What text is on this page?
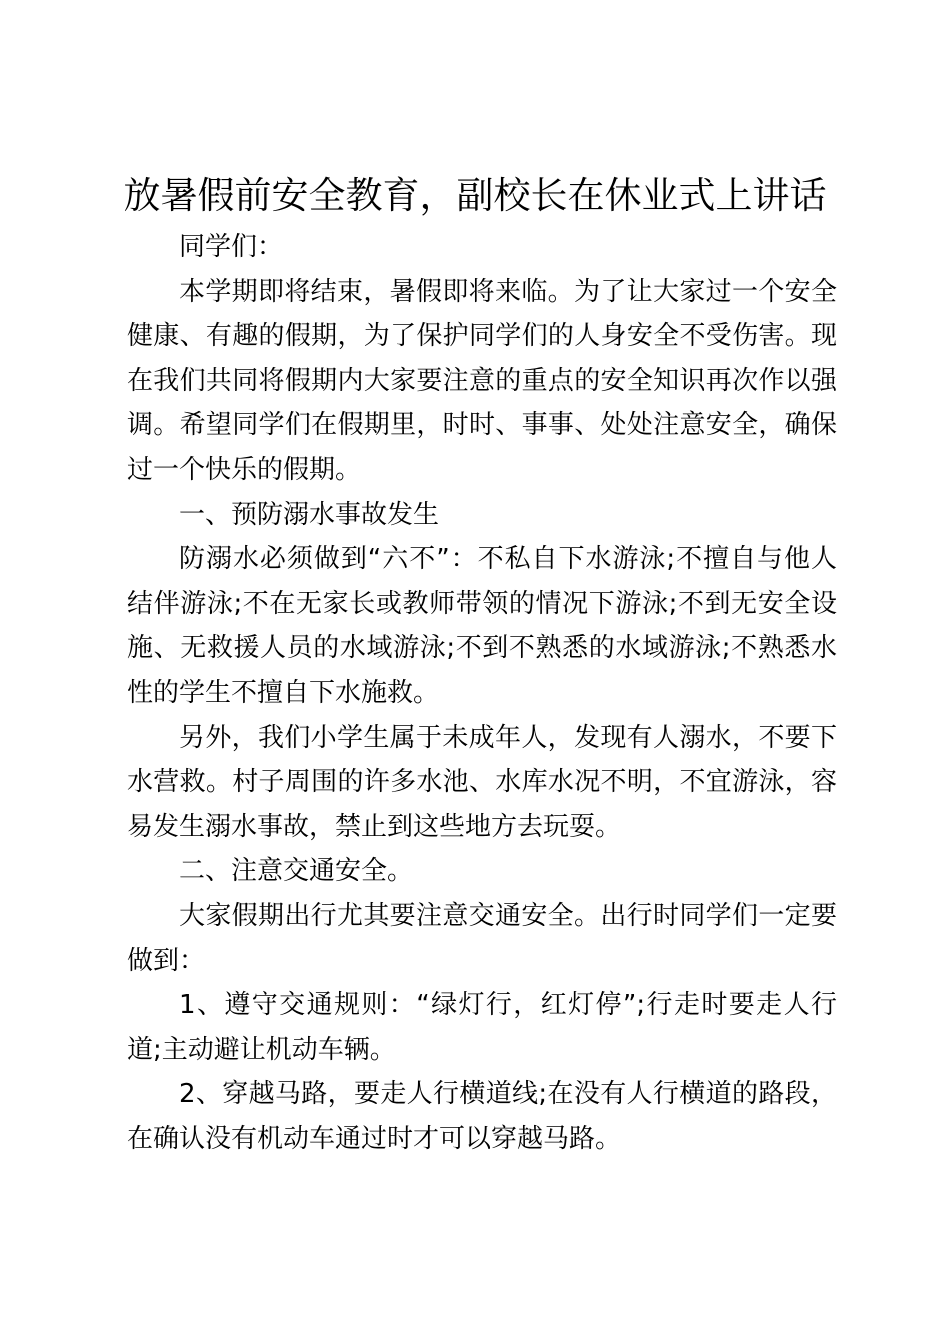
放暑假前安全教育，副校长在休业式上讲话

同学们：

本学期即将结束，暑假即将来临。为了让大家过一个安全健康、有趣的假期，为了保护同学们的人身安全不受伤害。现在我们共同将假期内大家要注意的重点的安全知识再次作以强调。希望同学们在假期里，时时、事事、处处注意安全，确保过一个快乐的假期。

一、预防溺水事故发生

防溺水必须做到“六不”：不私自下水游泳;不擅自与他人结伴游泳;不在无家长或教师带领的情况下游泳;不到无安全设施、无救援人员的水域游泳;不到不熟悉的水域游泳;不熟悉水性的学生不擅自下水施救。

另外，我们小学生属于未成年人，发现有人溺水，不要下水营救。村子周围的许多水池、水库水况不明，不宜游泳，容易发生溺水事故，禁止到这些地方去玩耍。

二、注意交通安全。

大家假期出行尤其要注意交通安全。出行时同学们一定要做到：

1、遵守交通规则：“绿灯行，红灯停”;行走时要走人行道;主动避让机动车辆。

2、穿越马路，要走人行横道线;在没有人行横道的路段，在确认没有机动车通过时才可以穿越马路。
